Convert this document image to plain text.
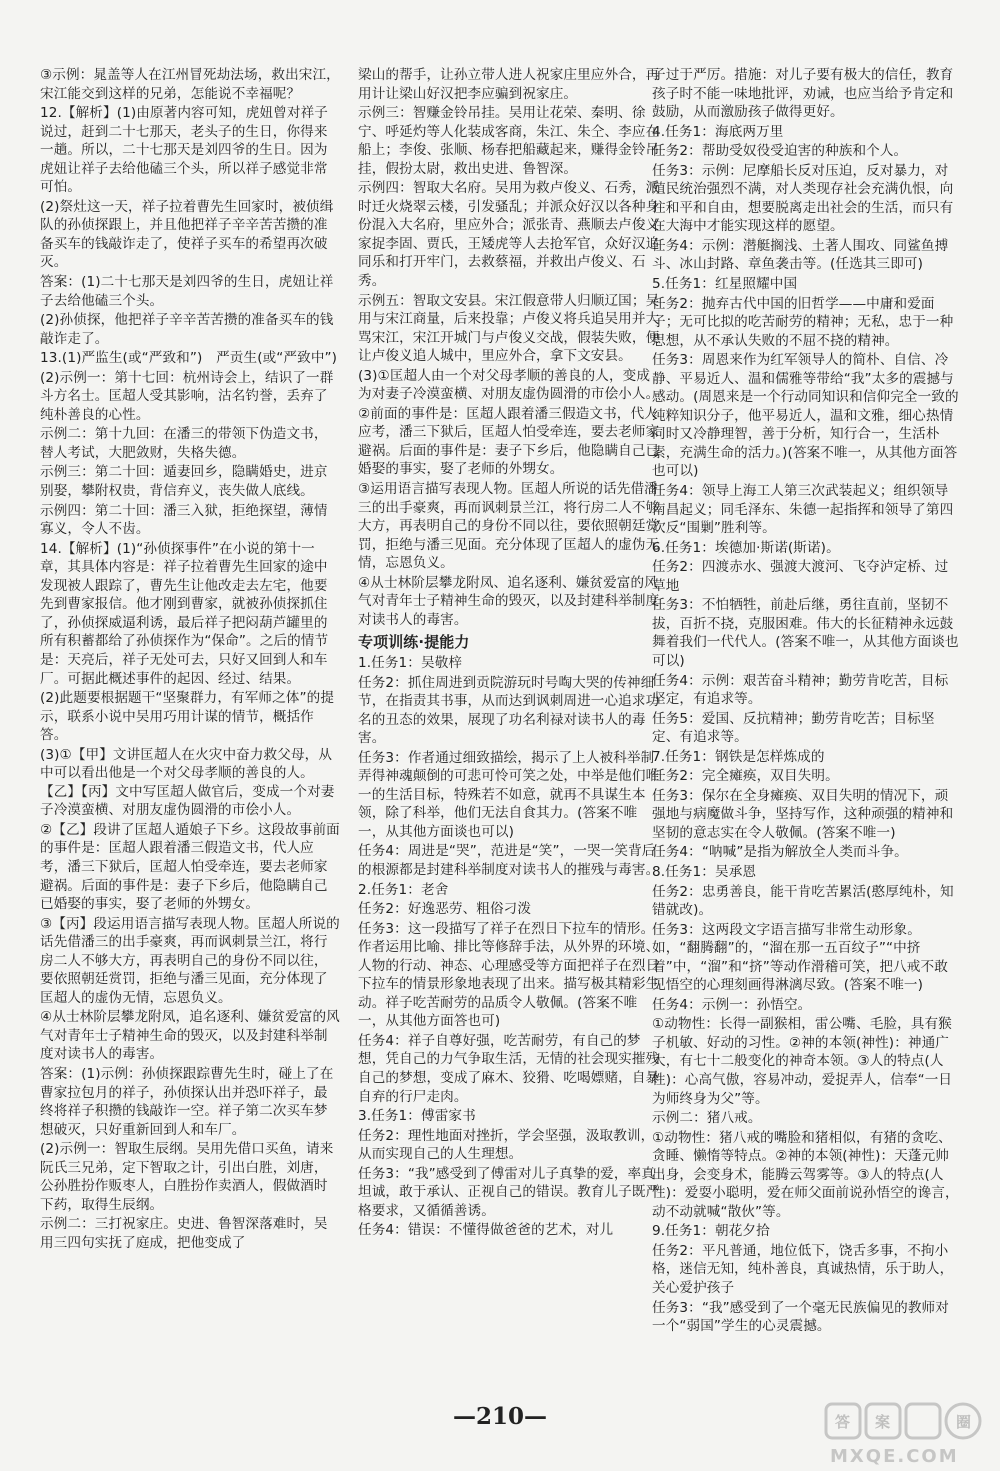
③示例：晁盖等人在江州冒死劫法场，救出宋江，宋江能交到这样的兄弟，怎能说不幸福呢？
12.【解析】(1)由原著内容可知，虎妞曾对祥子说过，赶到二十七那天，老头子的生日，你得来一趟。所以，二十七那天是刘四爷的生日。因为虎妞让祥子去给他磕三个头，所以祥子感觉非常可怕。
(2)祭灶这一天，祥子拉着曹先生回家时，被侦缉队的孙侦探跟上，并且他把祥子辛辛苦苦攒的准备买车的钱敲诈走了，使祥子买车的希望再次破灭。
答案：(1)二十七那天是刘四爷的生日，虎妞让祥子去给他磕三个头。
(2)孙侦探，他把祥子辛辛苦苦攒的准备买车的钱敲诈走了。
13.(1)严监生(或“严致和”)　严贡生(或“严致中”)
(2)示例一：第十七回：杭州诗会上，结识了一群斗方名士。匡超人受其影响，沽名钓誉，丢弃了纯朴善良的心性。
示例二：第十九回：在潘三的带领下伪造文书，替人考试，大肥敛财，失格失德。
示例三：第二十回：遁妻回乡，隐瞒婚史，进京别娶，攀附权贵，背信弃义，丧失做人底线。
示例四：第二十回：潘三入狱，拒绝探望，薄情寡义，令人不齿。
14.【解析】(1)“孙侦探事件”在小说的第十一章，其具体内容是：祥子拉着曹先生回家的途中发现被人跟踪了，曹先生让他改走去左宅，他要先到曹家报信。他才刚到曹家，就被孙侦探抓住了，孙侦探威逼利诱，最后祥子把闷葫芦罐里的所有积蓄都给了孙侦探作为“保命”。之后的情节是：天亮后，祥子无处可去，只好又回到人和车厂。可据此概述事件的起因、经过、结果。
(2)此题要根据题干“坚聚群力，有军师之体”的提示，联系小说中吴用巧用计谋的情节，概括作答。
(3)①【甲】文讲匡超人在火灾中奋力救父母，从中可以看出他是一个对父母孝顺的善良的人。【乙】【丙】文中写匡超人做官后，变成一个对妻子冷漠蛮横、对朋友虚伪圆滑的市侩小人。
②【乙】段讲了匡超人遁娘子下乡。这段故事前面的事件是：匡超人跟着潘三假造文书，代人应考，潘三下狱后，匡超人怕受牵连，要去老师家避祸。后面的事件是：妻子下乡后，他隐瞒自己已婚娶的事实，娶了老师的外甥女。
③【丙】段运用语言描写表现人物。匡超人所说的话先借潘三的出手豪爽，再而讽刺景兰江，将行房二人不够大方，再表明自己的身份不同以往，要依照朝廷赏罚，拒绝与潘三见面，充分体现了匡超人的虚伪无情，忘恩负义。
④从士林阶层攀龙附凤，追名逐利、嫌贫爱富的风气对青年士子精神生命的毁灭，以及封建科举制度对读书人的毒害。
答案：(1)示例：孙侦探跟踪曹先生时，碰上了在曹家拉包月的祥子，孙侦探认出并恐吓祥子，最终将祥子积攒的钱敲诈一空。祥子第二次买车梦想破灭，只好重新回到人和车厂。
(2)示例一：智取生辰纲。吴用先借口买鱼，请来阮氏三兄弟，定下智取之计，引出白胜，刘唐，公孙胜扮作贩枣人，白胜扮作卖酒人，假做酒时下药，取得生辰纲。
示例二：三打祝家庄。史进、鲁智深落难时，吴用三四句实抚了庭成，把他变成了
梁山的帮手，让孙立带人进人祝家庄里应外合，再用计让梁山好汉把李应骗到祝家庄。
示例三：智赚金铃吊挂。吴用让花荣、秦明、徐宁、呼延灼等人化装成客商，朱江、朱仝、李应在船上；李俊、张顺、杨春把船藏起来，赚得金铃吊挂，假扮太尉，救出史进、鲁智深。
示例四：智取大名府。吴用为救卢俊义、石秀，派时迁火烧翠云楼，引发骚乱；并派众好汉以各种身份混入大名府，里应外合；派张青、燕顺去卢俊义家捉李固、贾氏，王矮虎等人去抢军官，众好汉追同乐和打开牢门，去救蔡福，并救出卢俊义、石秀。
示例五：智取文安县。宋江假意带人归顺辽国；吴用与宋江商量，后来投靠；卢俊义将兵追吴用并大骂宋江，宋江开城门与卢俊义交战，假装失败，便让卢俊义追人城中，里应外合，拿下文安县。
(3)①匡超人由一个对父母孝顺的善良的人，变成为对妻子冷漠蛮横、对朋友虚伪圆滑的市侩小人。
②前面的事件是：匡超人跟着潘三假造文书，代人应考，潘三下狱后，匡超人怕受牵连，要去老师家避祸。后面的事件是：妻子下乡后，他隐瞒自己已婚娶的事实，娶了老师的外甥女。
③运用语言描写表现人物。匡超人所说的话先借潘三的出手豪爽，再而讽刺景兰江，将行房二人不够大方，再表明自己的身份不同以往，要依照朝廷赏罚，拒绝与潘三见面。充分体现了匡超人的虚伪无情，忘恩负义。
④从士林阶层攀龙附凤、追名逐利、嫌贫爱富的风气对青年士子精神生命的毁灭，以及封建科举制度对读书人的毒害。
专项训练·提能力
1.任务1：吴敬梓
任务2：抓住周进到贡院游玩时号啕大哭的传神细节，在指责其书事，从而达到讽刺周进一心追求功名的丑态的效果，展现了功名利禄对读书人的毒害。
任务3：作者通过细致描绘，揭示了上人被科举制弄得神魂颠倒的可悲可怜可笑之处，中举是他们唯一的生活目标，特殊若不如意，就再不具谋生本领，除了科举，他们无法自食其力。(答案不唯一，从其他方面谈也可以)
任务4：周进是“哭”，范进是“笑”，一哭一笑背后的根源都是封建科举制度对读书人的摧残与毒害。
2.任务1：老舍
任务2：好逸恶劳、粗俗刁泼
任务3：这一段描写了祥子在烈日下拉车的情形。作者运用比喻、排比等修辞手法，从外界的环境、人物的行动、神态、心理感受等方面把祥子在烈日下拉车的情景形象地表现了出来。描写极其精彩生动。祥子吃苦耐劳的品质令人敬佩。(答案不唯一，从其他方面答也可)
任务4：祥子自尊好强，吃苦耐劳，有自己的梦想，凭自己的力气争取生活，无情的社会现实摧残自己的梦想，变成了麻木、狡猾、吃喝嫖赌，自暴自弃的行尸走肉。
3.任务1：傅雷家书
任务2：理性地面对挫折，学会坚强，汲取教训，从而实现自己的人生理想。
任务3：“我”感受到了傅雷对儿子真挚的爱，率真坦诚，敢于承认、正视自己的错误。教育儿子既严格要求，又循循善诱。
任务4：错误：不懂得做爸爸的艺术，对儿
子过于严厉。措施：对儿子要有极大的信任，教育孩子时不能一味地批评，劝诫，也应当给予肯定和鼓励，从而激励孩子做得更好。
4.任务1：海底两万里
任务2：帮助受奴役受迫害的种族和个人。
任务3：示例：尼摩船长反对压迫，反对暴力，对殖民统治强烈不满，对人类现存社会充满仇恨，向往和平和自由，想要脱离走出社会的生活，而只有在大海中才能实现这样的愿望。
任务4：示例：潜艇搁浅、土著人围攻、同鲨鱼搏斗、冰山封路、章鱼袭击等。(任选其三即可)
5.任务1：红星照耀中国
任务2：抛弃古代中国的旧哲学——中庸和爱面子；无可比拟的吃苦耐劳的精神；无私，忠于一种思想，从不承认失败的不屈不挠的精神。
任务3：周恩来作为红军领导人的简朴、自信、冷静、平易近人、温和儒雅等带给“我”太多的震撼与感动。(周恩来是一个行动同知识和信仰完全一致的纯粹知识分子，他平易近人，温和文雅，细心热情同时又冷静理智，善于分析，知行合一，生活朴素，充满生命的活力。)(答案不唯一，从其他方面答也可以)
任务4：领导上海工人第三次武装起义；组织领导南昌起义；同毛泽东、朱德一起指挥和领导了第四次反“围剿”胜利等。
6.任务1：埃德加·斯诺(斯诺)。
任务2：四渡赤水、强渡大渡河、飞夺泸定桥、过草地
任务3：不怕牺牲，前赴后继，勇往直前，坚韧不拔，百折不挠，克服困难。伟大的长征精神永远鼓舞着我们一代代人。(答案不唯一，从其他方面谈也可以)
任务4：示例：艰苦奋斗精神；勤劳肯吃苦，目标坚定，有追求等。
任务5：爱国、反抗精神；勤劳肯吃苦；目标坚定、有追求等。
7.任务1：钢铁是怎样炼成的
任务2：完全瘫痪，双目失明。
任务3：保尔在全身瘫痪、双目失明的情况下，顽强地与病魔做斗争，坚持写作，这种顽强的精神和坚韧的意志实在令人敬佩。(答案不唯一)
任务4：“呐喊”是指为解放全人类而斗争。
8.任务1：吴承恩
任务2：忠勇善良，能干肯吃苦累活(憨厚纯朴，知错就改)。
任务3：这两段文字语言描写非常生动形象。如，“翻腾翻”的，“溜在那一五百纹子”“中挤着”中，“溜”和“挤”等动作滑稽可笑，把八戒不敢见悟空的心理刻画得淋漓尽致。(答案不唯一)
任务4：示例一：孙悟空。
①动物性：长得一副猴相，雷公嘴、毛脸，具有猴子机敏、好动的习性。②神的本领(神性)：神通广大，有七十二般变化的神奇本领。③人的特点(人性)：心高气傲，容易冲动，爱捉弄人，信奉“一日为师终身为父”等。
示例二：猪八戒。
①动物性：猪八戒的嘴脸和猪相似，有猪的贪吃、贪睡、懒惰等特点。②神的本领(神性)：天蓬元帅出身，会变身术，能腾云驾雾等。③人的特点(人性)：爱耍小聪明，爱在师父面前说孙悟空的谗言，动不动就喊“散伙”等。
9.任务1：朝花夕拾
任务2：平凡普通，地位低下，饶舌多事，不拘小格，迷信无知，纯朴善良，真诚热情，乐于助人，关心爱护孩子
任务3：“我”感受到了一个毫无民族偏见的教师对一个“弱国”学生的心灵震撼。
—210—	答 案	圈
MXQE.COM
